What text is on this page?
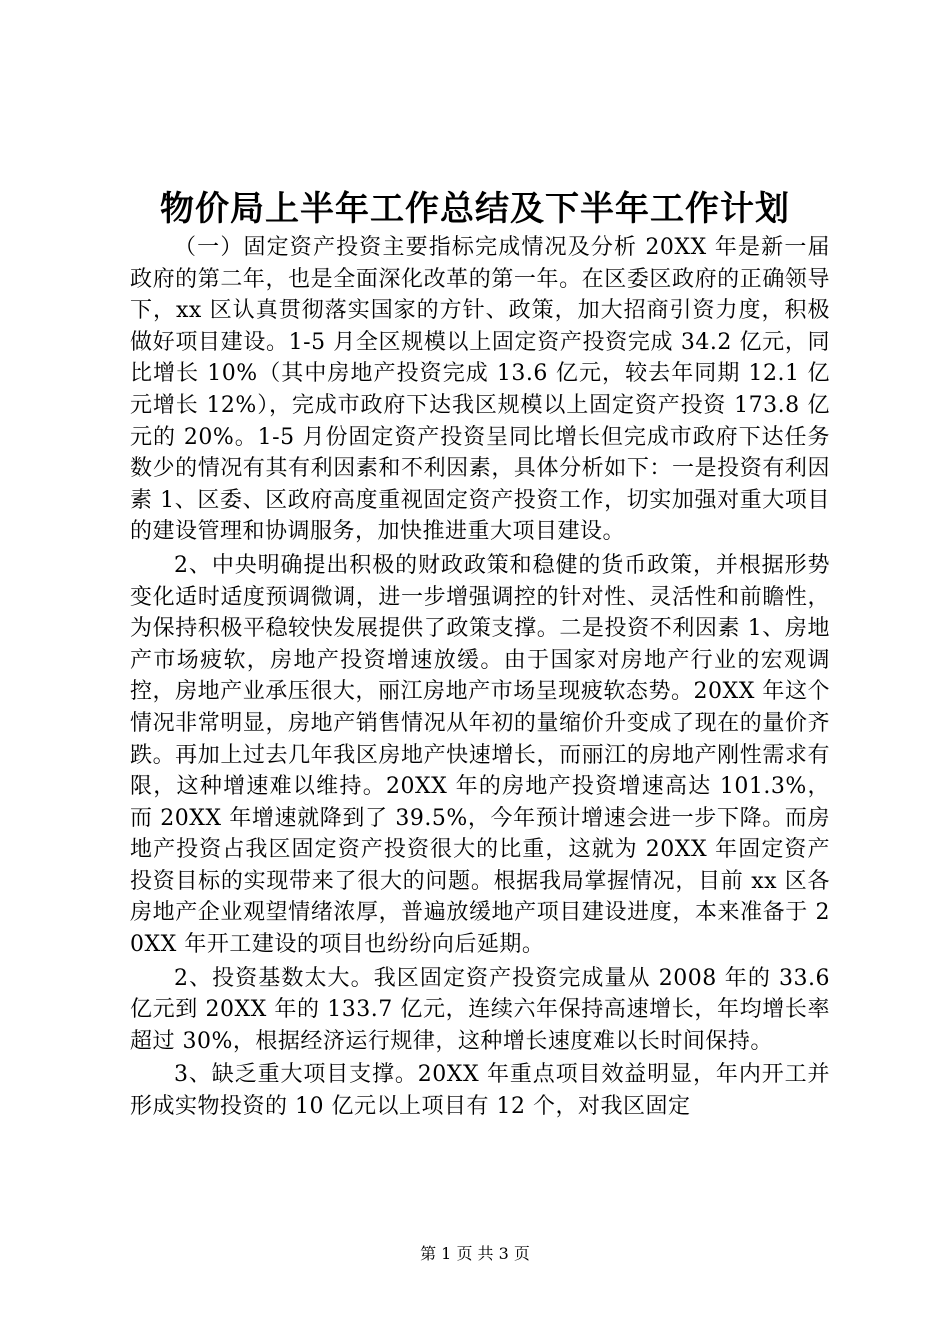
物价局上半年工作总结及下半年工作计划

（一）固定资产投资主要指标完成情况及分析 20XX 年是新一届政府的第二年，也是全面深化改革的第一年。在区委区政府的正确领导下，xx 区认真贯彻落实国家的方针、政策，加大招商引资力度，积极做好项目建设。1-5 月全区规模以上固定资产投资完成 34.2 亿元，同比增长 10%（其中房地产投资完成 13.6 亿元，较去年同期 12.1 亿元增长 12%），完成市政府下达我区规模以上固定资产投资 173.8 亿元的 20%。1-5 月份固定资产投资呈同比增长但完成市政府下达任务数少的情况有其有利因素和不利因素，具体分析如下：一是投资有利因素 1、区委、区政府高度重视固定资产投资工作，切实加强对重大项目的建设管理和协调服务，加快推进重大项目建设。

2、中央明确提出积极的财政政策和稳健的货币政策，并根据形势变化适时适度预调微调，进一步增强调控的针对性、灵活性和前瞻性，为保持积极平稳较快发展提供了政策支撑。二是投资不利因素 1、房地产市场疲软，房地产投资增速放缓。由于国家对房地产行业的宏观调控，房地产业承压很大，丽江房地产市场呈现疲软态势。20XX 年这个情况非常明显，房地产销售情况从年初的量缩价升变成了现在的量价齐跌。再加上过去几年我区房地产快速增长，而丽江的房地产刚性需求有限，这种增速难以维持。20XX 年的房地产投资增速高达 101.3%，而 20XX 年增速就降到了 39.5%，今年预计增速会进一步下降。而房地产投资占我区固定资产投资很大的比重，这就为 20XX 年固定资产投资目标的实现带来了很大的问题。根据我局掌握情况，目前 xx 区各房地产企业观望情绪浓厚，普遍放缓地产项目建设进度，本来准备于 20XX 年开工建设的项目也纷纷向后延期。

2、投资基数太大。我区固定资产投资完成量从 2008 年的 33.6 亿元到 20XX 年的 133.7 亿元，连续六年保持高速增长，年均增长率超过 30%，根据经济运行规律，这种增长速度难以长时间保持。

3、缺乏重大项目支撑。20XX 年重点项目效益明显，年内开工并形成实物投资的 10 亿元以上项目有 12 个，对我区固定

第 1 页 共 3 页
